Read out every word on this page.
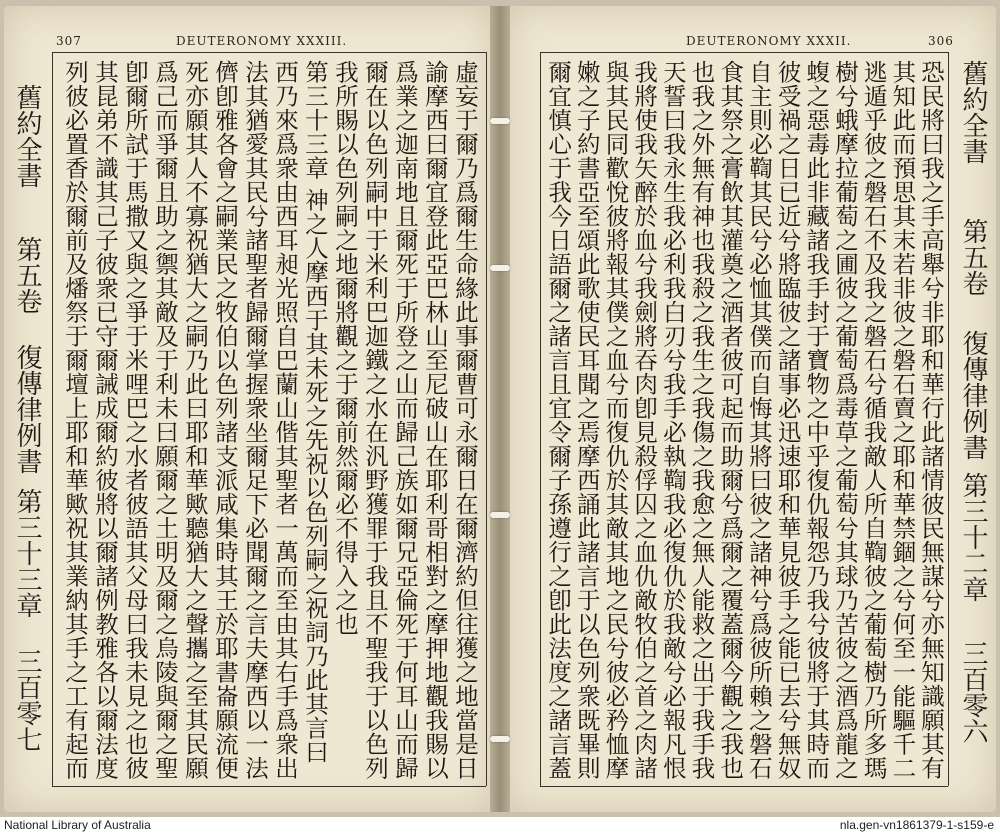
307	DEUTERONOMY XXXIII.
舊約全書
第五卷
復傳律例書
第三十三章
三百零七
虛妄于爾乃爲爾生命緣此事爾曹可永爾日在爾濟約但往獲之地當是日
諭摩西曰爾宜登此亞巴林山至尼破山在耶利哥相對之摩押地觀我賜以
爲業之迦南地且爾死于所登之山而歸己族如爾兄亞倫死于何耳山而歸
爾在以色列嗣中于米利巴迦鐵之水在汎野獲罪于我且不聖我于以色列
我所賜以色列嗣之地爾將觀之于爾前然爾必不得入之也
第三十三章 神之人摩西于其未死之先祝以色列嗣之祝詞乃此其言曰
西乃來爲衆由西耳昶光照自巴蘭山偕其聖者一萬而至由其右手爲衆出
法其猶愛其民兮諸聖者歸爾掌握衆坐爾足下必聞爾之言夫摩西以一法
儕卽雅各會之嗣業民之牧伯以色列諸支派咸集時其王於耶書崙願流便
死亦願其人不寡祝猶大之嗣乃此曰耶和華歟聽猶大之聲攜之至其民願
爲己而爭爾且助之禦其敵及于利未曰願爾之土明及爾之烏陵與爾之聖
卽爾所試于馬撒又與之爭于米哩巴之水者彼語其父母曰我未見之也彼
其昆弟不識其己子彼衆已守爾誡成爾約彼將以爾諸例教雅各以爾法度
列彼必置香於爾前及燔祭于爾壇上耶和華歟祝其業納其手之工有起而
DEUTERONOMY XXXII.	306
恐民將曰我之手高舉兮非耶和華行此諸情彼民無謀兮亦無知識願其有
其知此而預思其末若非彼之磐石賣之耶和華禁錮之兮何至一能驅千二
逃遁乎彼之磐石不及我之磐石兮循我敵人所自鞫彼之葡萄樹乃所多瑪
樹兮蛾摩拉葡萄之圃彼之葡萄爲毒草之葡萄兮其球乃苦彼之酒爲龍之
蝮之惡毒此非藏諸我手封于寶物之中乎復仇報怨乃我兮彼將于其時而
彼受禍之日已近兮將臨彼之諸事必迅速耶和華見彼手之能已去兮無奴
自主則必鞫其民兮必恤其僕而自悔其將曰彼之諸神兮爲彼所賴之磐石
食其祭之膏飲其灌奠之酒者彼可起而助爾兮爲爾之覆蓋爾今觀之我也
也我之外無有神也我殺之我生之我傷之我愈之無人能救之出于我手我
天誓曰我永生我必利我白刃兮我手必執鞫我必復仇於我敵兮必報凡恨
我將使我矢醉於血兮我劍將吞肉卽見殺俘囚之血仇敵牧伯之首之肉諸
與其民同歡悅彼將報其僕之血兮而復仇於其敵其地之民兮彼必矜恤摩
嫩之子約書亞至頌此歌使民耳聞之焉摩西誦此諸言于以色列衆既畢則
爾宜慎心于我今日語爾之諸言且宜令爾子孫遵行之卽此法度之諸言蓋
舊約全書
第五卷
復傳律例書
第三十二章
三百零六
National Library of Australia	nla.gen-vn1861379-1-s159-e
